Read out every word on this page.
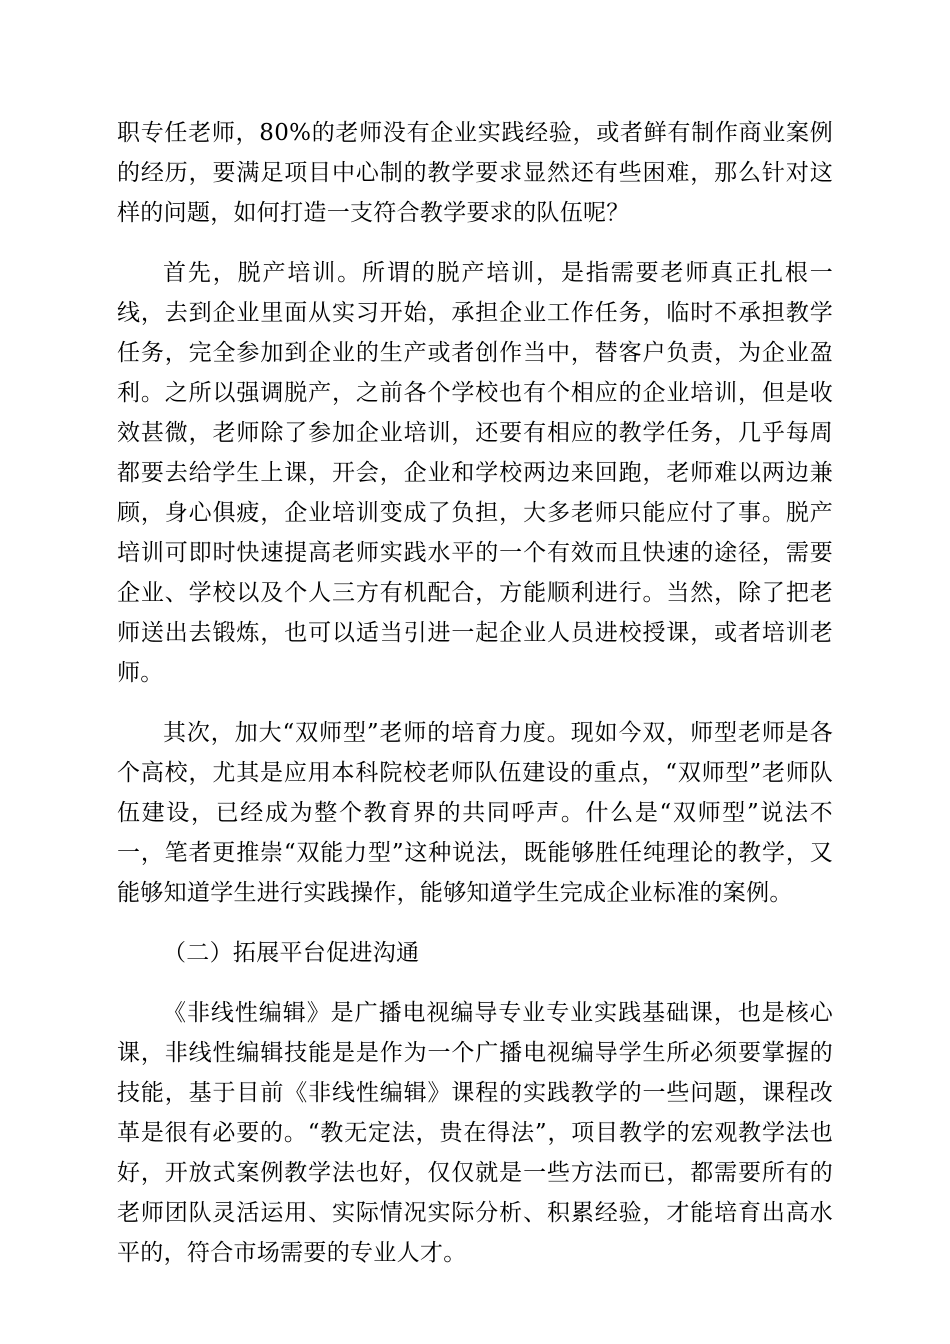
职专任老师，80%的老师没有企业实践经验，或者鲜有制作商业案例的经历，要满足项目中心制的教学要求显然还有些困难，那么针对这样的问题，如何打造一支符合教学要求的队伍呢？

首先，脱产培训。所谓的脱产培训，是指需要老师真正扎根一线，去到企业里面从实习开始，承担企业工作任务，临时不承担教学任务，完全参加到企业的生产或者创作当中，替客户负责，为企业盈利。之所以强调脱产，之前各个学校也有个相应的企业培训，但是收效甚微，老师除了参加企业培训，还要有相应的教学任务，几乎每周都要去给学生上课，开会，企业和学校两边来回跑，老师难以两边兼顾，身心俱疲，企业培训变成了负担，大多老师只能应付了事。脱产培训可即时快速提高老师实践水平的一个有效而且快速的途径，需要企业、学校以及个人三方有机配合，方能顺利进行。当然，除了把老师送出去锻炼，也可以适当引进一起企业人员进校授课，或者培训老师。

其次，加大“双师型”老师的培育力度。现如今双，师型老师是各个高校，尤其是应用本科院校老师队伍建设的重点，“双师型”老师队伍建设，已经成为整个教育界的共同呼声。什么是“双师型”说法不一，笔者更推崇“双能力型”这种说法，既能够胜任纯理论的教学，又能够知道学生进行实践操作，能够知道学生完成企业标准的案例。

（二）拓展平台促进沟通

《非线性编辑》是广播电视编导专业专业实践基础课，也是核心课，非线性编辑技能是是作为一个广播电视编导学生所必须要掌握的技能，基于目前《非线性编辑》课程的实践教学的一些问题，课程改革是很有必要的。“教无定法，贵在得法”，项目教学的宏观教学法也好，开放式案例教学法也好，仅仅就是一些方法而已，都需要所有的老师团队灵活运用、实际情况实际分析、积累经验，才能培育出高水平的，符合市场需要的专业人才。
